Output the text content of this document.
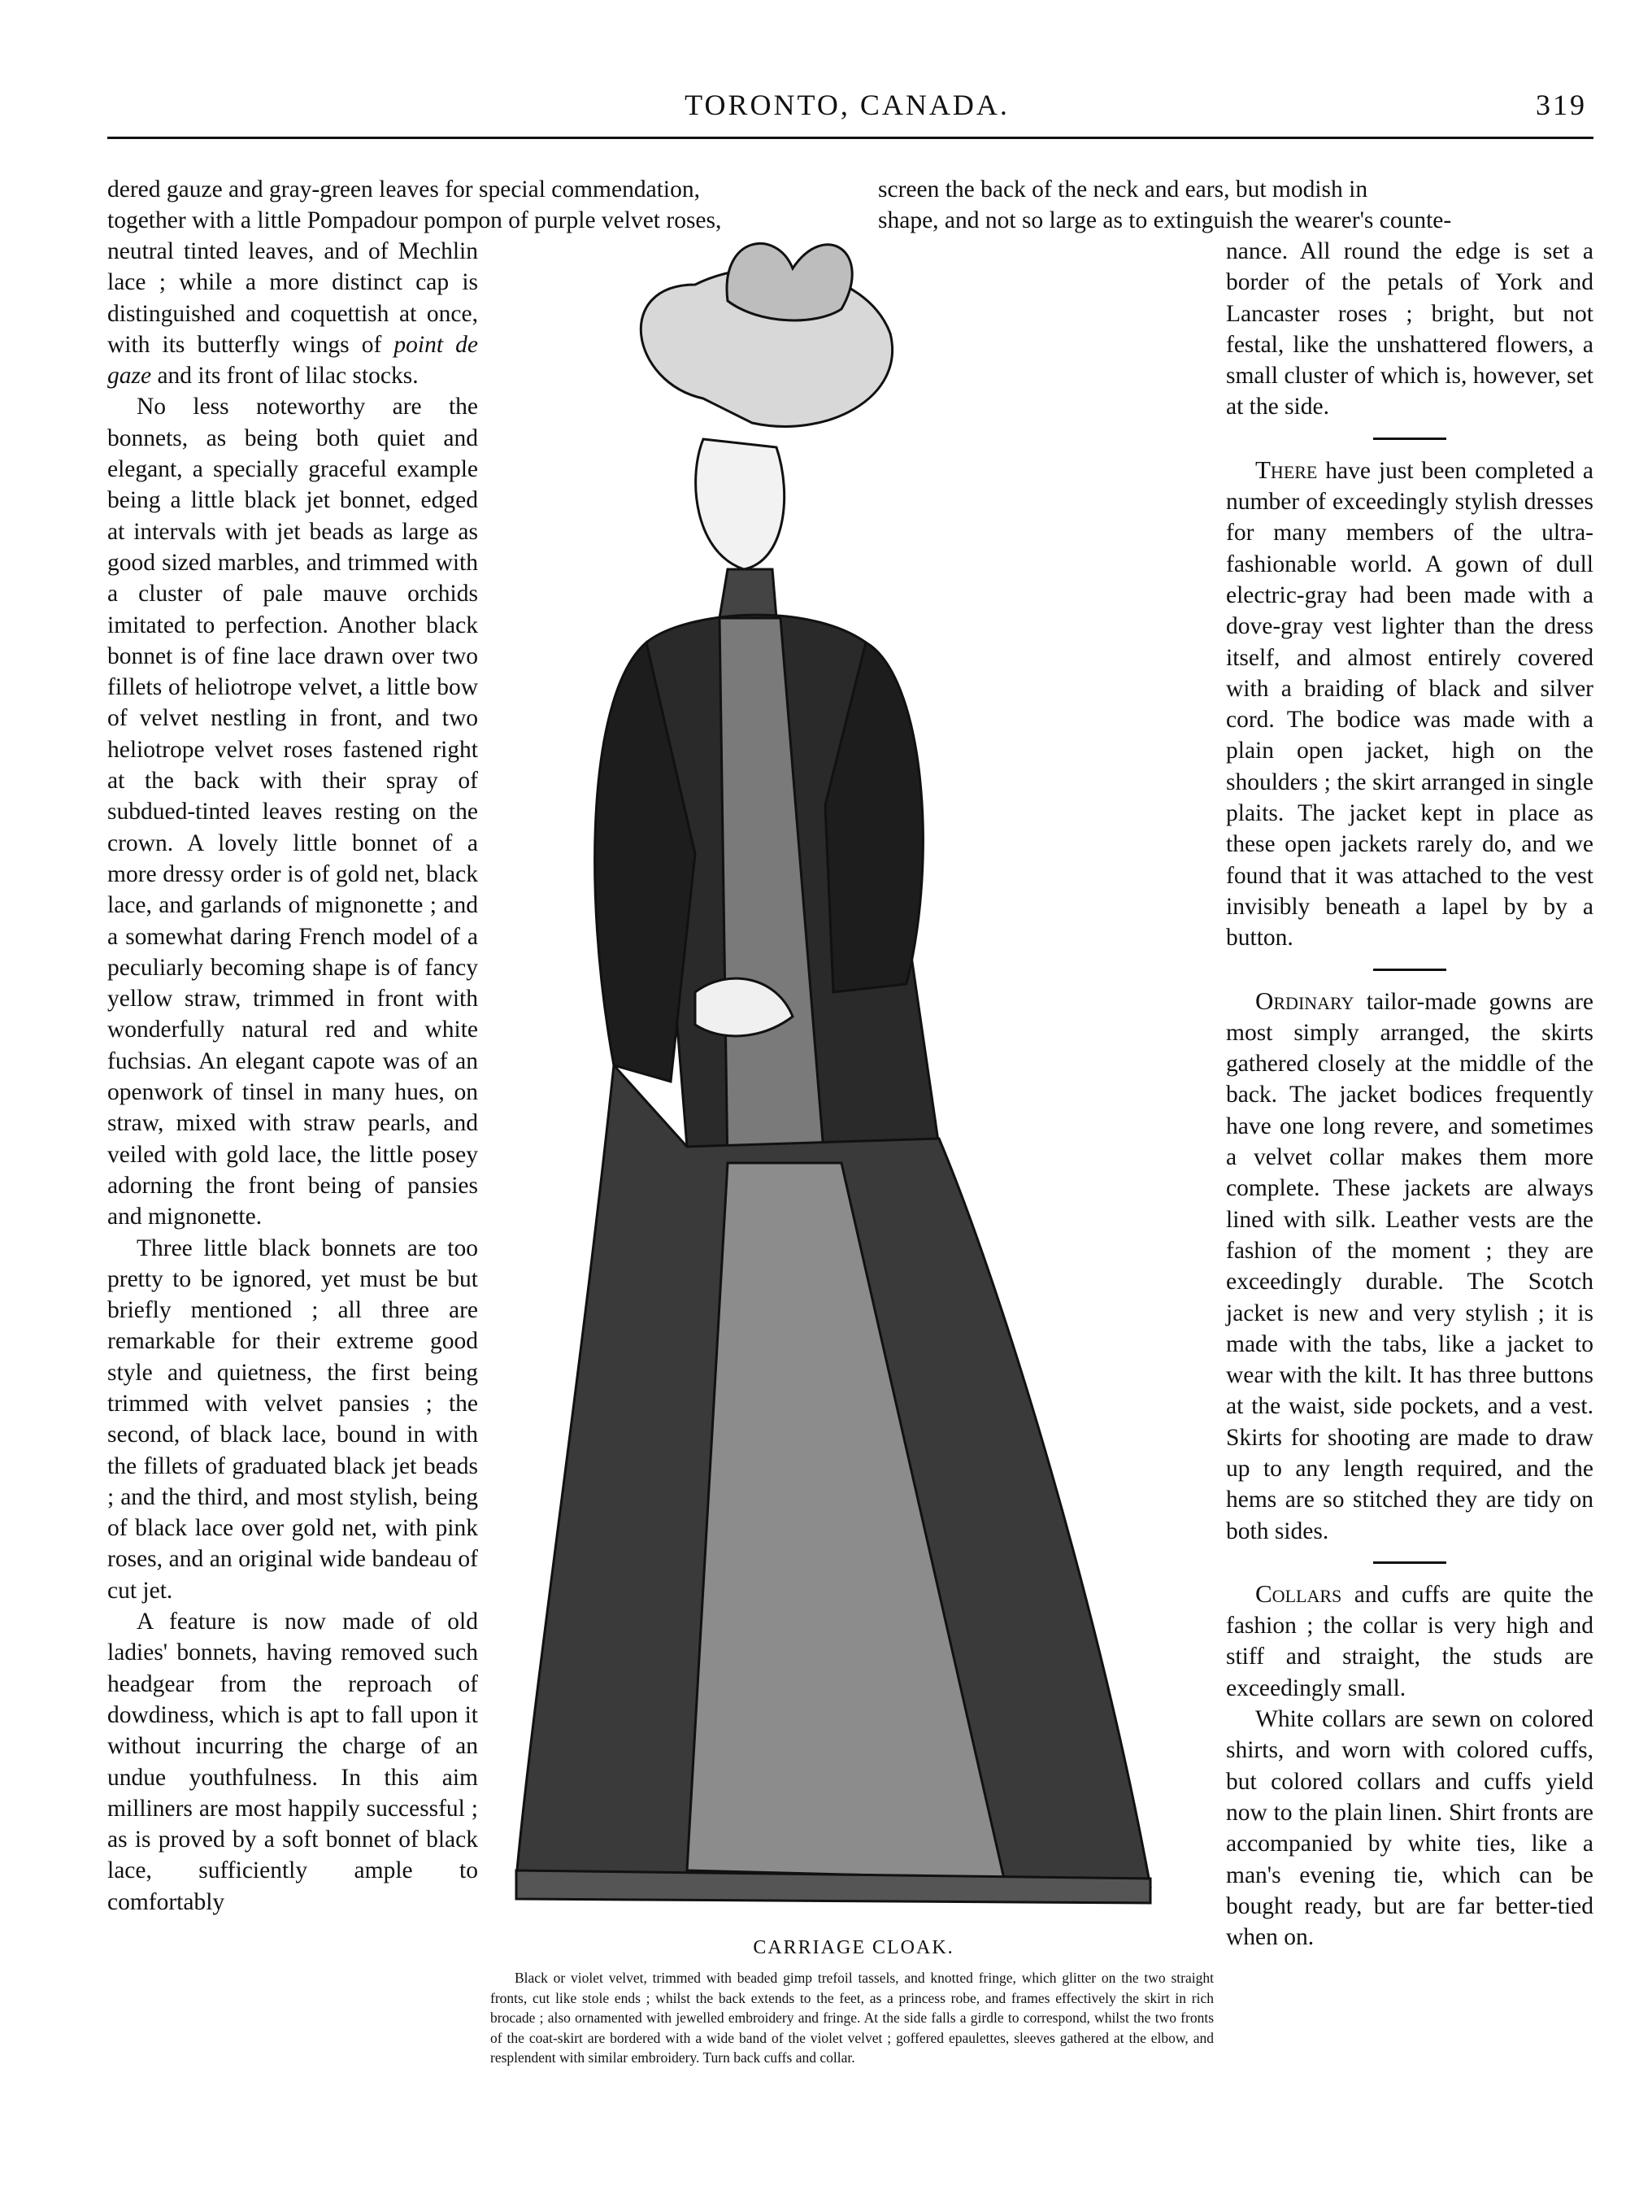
TORONTO, CANADA.	319

dered gauze and gray-green leaves for special commendation,

together with a little Pompadour pompon of purple velvet roses,

screen the back of the neck and ears, but modish in

shape, and not so large as to extinguish the wearer's counte-

neutral tinted leaves, and of Mechlin lace ; while a more distinct cap is distinguished and coquettish at once, with its butterfly wings of point de gaze and its front of lilac stocks.

No less noteworthy are the bonnets, as being both quiet and elegant, a specially graceful example being a little black jet bonnet, edged at intervals with jet beads as large as good sized marbles, and trimmed with a cluster of pale mauve orchids imitated to perfection. Another black bonnet is of fine lace drawn over two fillets of heliotrope velvet, a little bow of velvet nestling in front, and two heliotrope velvet roses fastened right at the back with their spray of subdued-tinted leaves resting on the crown. A lovely little bonnet of a more dressy order is of gold net, black lace, and garlands of mignonette ; and a somewhat daring French model of a peculiarly becoming shape is of fancy yellow straw, trimmed in front with wonderfully natural red and white fuchsias. An elegant capote was of an openwork of tinsel in many hues, on straw, mixed with straw pearls, and veiled with gold lace, the little posey adorning the front being of pansies and mignonette.

Three little black bonnets are too pretty to be ignored, yet must be but briefly mentioned ; all three are remarkable for their extreme good style and quietness, the first being trimmed with velvet pansies ; the second, of black lace, bound in with the fillets of graduated black jet beads ; and the third, and most stylish, being of black lace over gold net, with pink roses, and an original wide bandeau of cut jet.

A feature is now made of old ladies' bonnets, having removed such headgear from the reproach of dowdiness, which is apt to fall upon it without incurring the charge of an undue youthfulness. In this aim milliners are most happily successful ; as is proved by a soft bonnet of black lace, sufficiently ample to comfortably

CARRIAGE CLOAK.
Black or violet velvet, trimmed with beaded gimp trefoil tassels, and knotted fringe, which glitter on the two straight fronts, cut like stole ends ; whilst the back extends to the feet, as a princess robe, and frames effectively the skirt in rich brocade ; also ornamented with jewelled embroidery and fringe. At the side falls a girdle to correspond, whilst the two fronts of the coat-skirt are bordered with a wide band of the violet velvet ; goffered epaulettes, sleeves gathered at the elbow, and resplendent with similar embroidery. Turn back cuffs and collar.

nance. All round the edge is set a border of the petals of York and Lancaster roses ; bright, but not festal, like the unshattered flowers, a small cluster of which is, however, set at the side.

There have just been completed a number of exceedingly stylish dresses for many members of the ultra-fashionable world. A gown of dull electric-gray had been made with a dove-gray vest lighter than the dress itself, and almost entirely covered with a braiding of black and silver cord. The bodice was made with a plain open jacket, high on the shoulders ; the skirt arranged in single plaits. The jacket kept in place as these open jackets rarely do, and we found that it was attached to the vest invisibly beneath a lapel by by a button.

Ordinary tailor-made gowns are most simply arranged, the skirts gathered closely at the middle of the back. The jacket bodices frequently have one long revere, and sometimes a velvet collar makes them more complete. These jackets are always lined with silk. Leather vests are the fashion of the moment ; they are exceedingly durable. The Scotch jacket is new and very stylish ; it is made with the tabs, like a jacket to wear with the kilt. It has three buttons at the waist, side pockets, and a vest. Skirts for shooting are made to draw up to any length required, and the hems are so stitched they are tidy on both sides.

Collars and cuffs are quite the fashion ; the collar is very high and stiff and straight, the studs are exceedingly small.

White collars are sewn on colored shirts, and worn with colored cuffs, but colored collars and cuffs yield now to the plain linen. Shirt fronts are accompanied by white ties, like a man's evening tie, which can be bought ready, but are far better-tied when on.
